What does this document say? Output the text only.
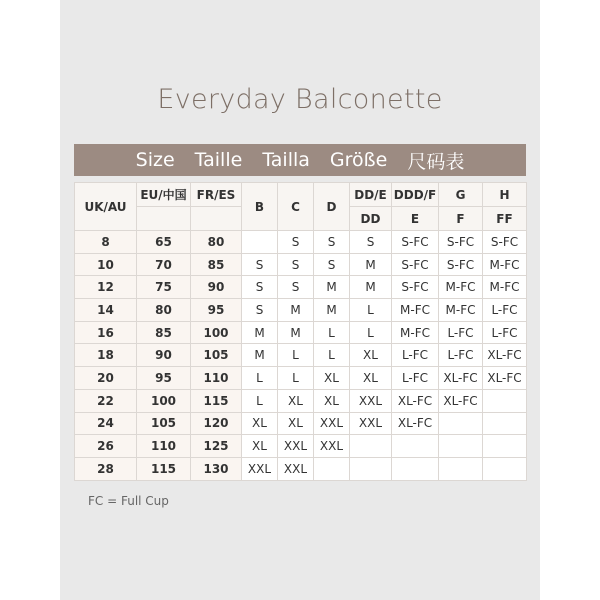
Everyday Balconette
Size Taille Tailla Größe 尺码表
UK/AU	EU/中国	FR/ES	B	C	D	DD/E	DDD/F	G	H
						DD	E	F	FF
8	65	80		S	S	S	S-FC	S-FC	S-FC
10	70	85	S	S	S	M	S-FC	S-FC	M-FC
12	75	90	S	S	M	M	S-FC	M-FC	M-FC
14	80	95	S	M	M	L	M-FC	M-FC	L-FC
16	85	100	M	M	L	L	M-FC	L-FC	L-FC
18	90	105	M	L	L	XL	L-FC	L-FC	XL-FC
20	95	110	L	L	XL	XL	L-FC	XL-FC	XL-FC
22	100	115	L	XL	XL	XXL	XL-FC	XL-FC	
24	105	120	XL	XL	XXL	XXL	XL-FC		
26	110	125	XL	XXL	XXL				
28	115	130	XXL	XXL					
FC = Full Cup
